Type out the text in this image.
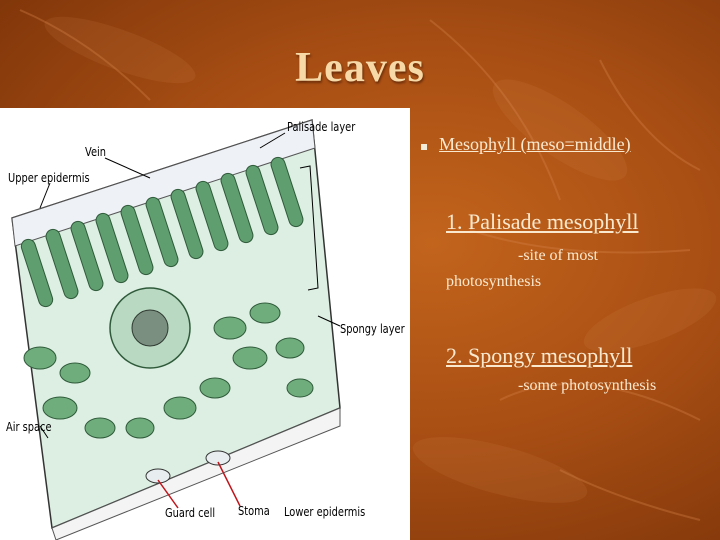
Leaves
Palisade layer
Vein
Upper epidermis
Spongy layer
Air space
Guard cell Stoma Lower epidermis
Mesophyll (meso=middle)
1. Palisade mesophyll
-site of most
photosynthesis
2. Spongy mesophyll
-some photosynthesis
